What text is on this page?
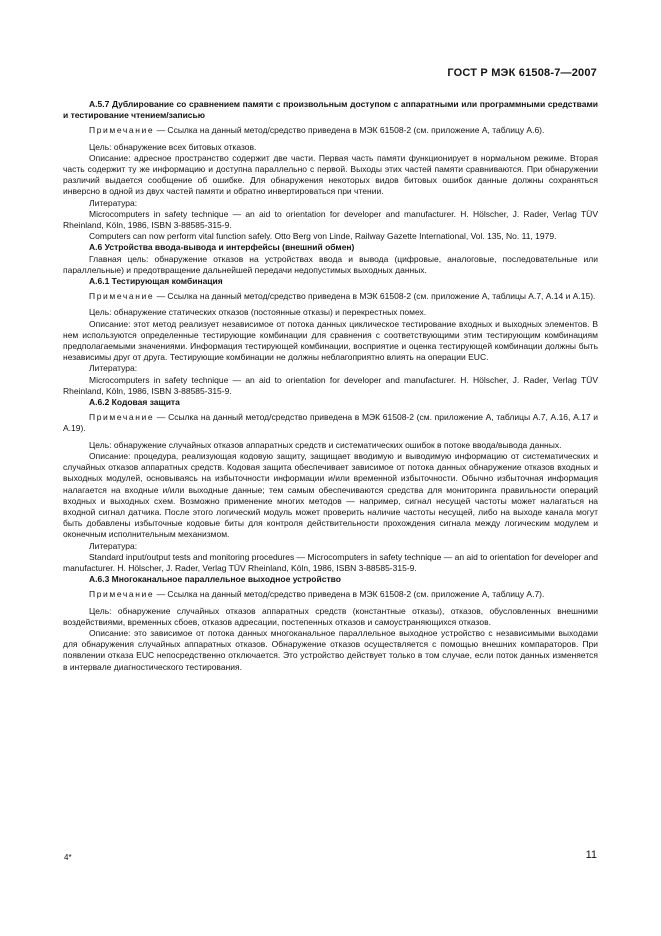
ГОСТ Р МЭК 61508-7—2007

А.5.7 Дублирование со сравнением памяти с произвольным доступом с аппаратными или программными средствами и тестирование чтением/записью

Примечание — Ссылка на данный метод/средство приведена в МЭК 61508-2 (см. приложение А, таблицу А.6).

Цель: обнаружение всех битовых отказов.

Описание: адресное пространство содержит две части. Первая часть памяти функционирует в нормальном режиме. Вторая часть содержит ту же информацию и доступна параллельно с первой. Выходы этих частей памяти сравниваются. При обнаружении различий выдается сообщение об ошибке. Для обнаружения некоторых видов битовых ошибок данные должны сохраняться инверсно в одной из двух частей памяти и обратно инвертироваться при чтении.

Литература:

Microcomputers in safety technique — an aid to orientation for developer and manufacturer. H. Hölscher, J. Rader, Verlag TÜV Rheinland, Köln, 1986, ISBN 3-88585-315-9.

Computers can now perform vital function safely. Otto Berg von Linde, Railway Gazette International, Vol. 135, No. 11, 1979.

А.6 Устройства ввода-вывода и интерфейсы (внешний обмен)

Главная цель: обнаружение отказов на устройствах ввода и вывода (цифровые, аналоговые, последовательные или параллельные) и предотвращение дальнейшей передачи недопустимых выходных данных.

А.6.1 Тестирующая комбинация

Примечание — Ссылка на данный метод/средство приведена в МЭК 61508-2 (см. приложение А, таблицы А.7, А.14 и А.15).

Цель: обнаружение статических отказов (постоянные отказы) и перекрестных помех.

Описание: этот метод реализует независимое от потока данных циклическое тестирование входных и выходных элементов. В нем используются определенные тестирующие комбинации для сравнения с соответствующими этим тестирующим комбинациям предполагаемыми значениями. Информация тестирующей комбинации, восприятие и оценка тестирующей комбинации должны быть независимы друг от друга. Тестирующие комбинации не должны неблагоприятно влиять на операции EUC.

Литература:

Microcomputers in safety technique — an aid to orientation for developer and manufacturer. H. Hölscher, J. Rader, Verlag TÜV Rheinland, Köln, 1986, ISBN 3-88585-315-9.

А.6.2 Кодовая защита

Примечание — Ссылка на данный метод/средство приведена в МЭК 61508-2 (см. приложение А, таблицы А.7, А.16, А.17 и А.19).

Цель: обнаружение случайных отказов аппаратных средств и систематических ошибок в потоке ввода/вывода данных.

Описание: процедура, реализующая кодовую защиту, защищает вводимую и выводимую информацию от систематических и случайных отказов аппаратных средств. Кодовая защита обеспечивает зависимое от потока данных обнаружение отказов входных и выходных модулей, основываясь на избыточности информации и/или временной избыточности. Обычно избыточная информация налагается на входные и/или выходные данные; тем самым обеспечиваются средства для мониторинга правильности операций входных и выходных схем. Возможно применение многих методов — например, сигнал несущей частоты может налагаться на входной сигнал датчика. После этого логический модуль может проверить наличие частоты несущей, либо на выходе канала могут быть добавлены избыточные кодовые биты для контроля действительности прохождения сигнала между логическим модулем и оконечным исполнительным механизмом.

Литература:

Standard input/output tests and monitoring procedures — Microcomputers in safety technique — an aid to orientation for developer and manufacturer. H. Hölscher, J. Rader, Verlag TÜV Rheinland, Köln, 1986, ISBN 3-88585-315-9.

А.6.3 Многоканальное параллельное выходное устройство

Примечание — Ссылка на данный метод/средство приведена в МЭК 61508-2 (см. приложение А, таблицу А.7).

Цель: обнаружение случайных отказов аппаратных средств (константные отказы), отказов, обусловленных внешними воздействиями, временных сбоев, отказов адресации, постепенных отказов и самоустраняющихся отказов.

Описание: это зависимое от потока данных многоканальное параллельное выходное устройство с независимыми выходами для обнаружения случайных аппаратных отказов. Обнаружение отказов осуществляется с помощью внешних компараторов. При появлении отказа EUC непосредственно отключается. Это устройство действует только в том случае, если поток данных изменяется в интервале диагностического тестирования.

4*	11
